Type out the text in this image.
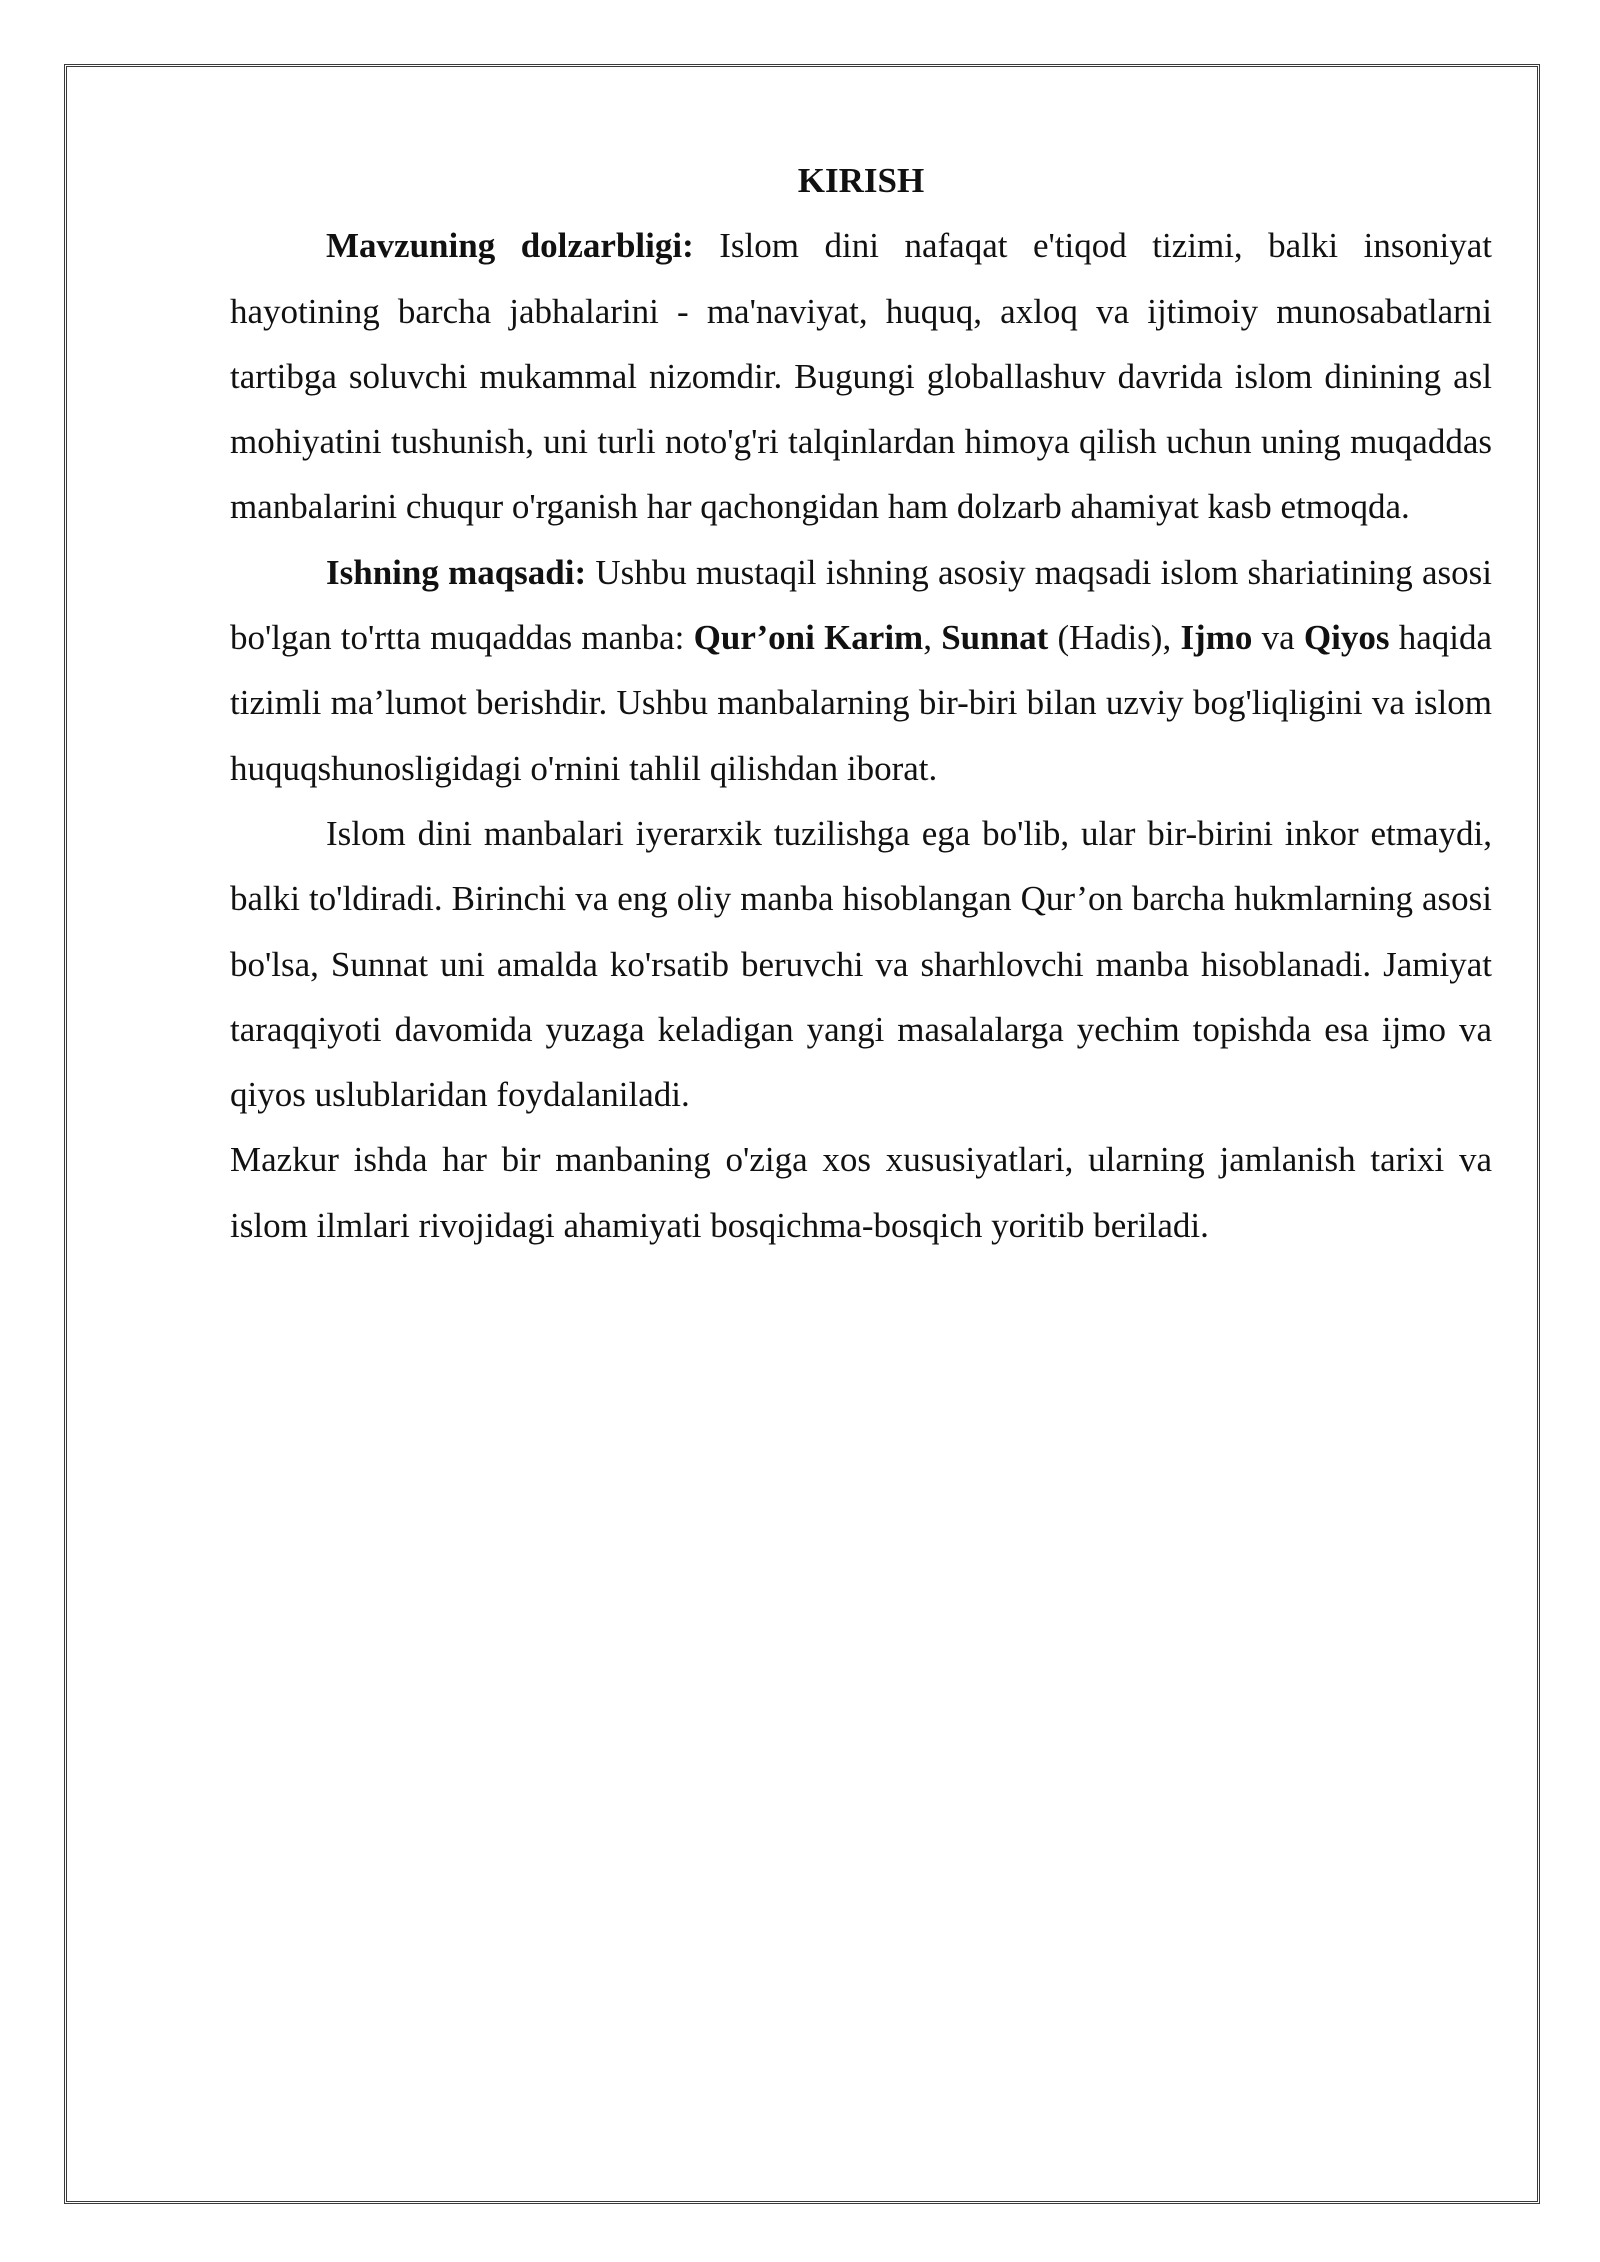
KIRISH

Mavzuning dolzarbligi: Islom dini nafaqat e'tiqod tizimi, balki insoniyat hayotining barcha jabhalarini - ma'naviyat, huquq, axloq va ijtimoiy munosabatlarni tartibga soluvchi mukammal nizomdir. Bugungi globallashuv davrida islom dinining asl mohiyatini tushunish, uni turli noto'g'ri talqinlardan himoya qilish uchun uning muqaddas manbalarini chuqur o'rganish har qachongidan ham dolzarb ahamiyat kasb etmoqda.

Ishning maqsadi: Ushbu mustaqil ishning asosiy maqsadi islom shariatining asosi bo'lgan to'rtta muqaddas manba: Qur’oni Karim, Sunnat (Hadis), Ijmo va Qiyos haqida tizimli ma’lumot berishdir. Ushbu manbalarning bir-biri bilan uzviy bog'liqligini va islom huquqshunosligidagi o'rnini tahlil qilishdan iborat.

Islom dini manbalari iyerarxik tuzilishga ega bo'lib, ular bir-birini inkor etmaydi, balki to'ldiradi. Birinchi va eng oliy manba hisoblangan Qur’on barcha hukmlarning asosi bo'lsa, Sunnat uni amalda ko'rsatib beruvchi va sharhlovchi manba hisoblanadi. Jamiyat taraqqiyoti davomida yuzaga keladigan yangi masalalarga yechim topishda esa ijmo va qiyos uslublaridan foydalaniladi.

Mazkur ishda har bir manbaning o'ziga xos xususiyatlari, ularning jamlanish tarixi va islom ilmlari rivojidagi ahamiyati bosqichma-bosqich yoritib beriladi.
